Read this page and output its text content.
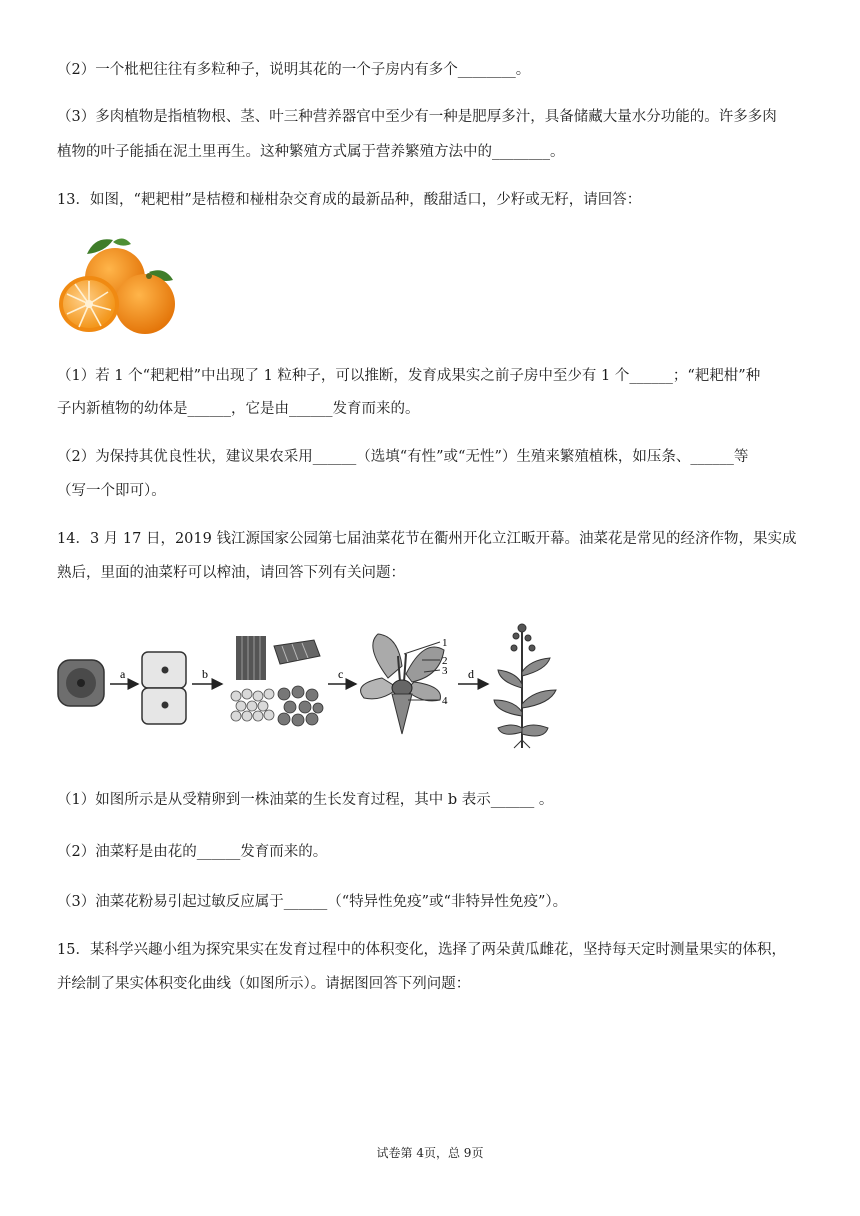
（2）一个枇杷往往有多粒种子，说明其花的一个子房内有多个________。
（3）多肉植物是指植物根、茎、叶三种营养器官中至少有一种是肥厚多汁，具备储藏大量水分功能的。许多多肉
植物的叶子能插在泥土里再生。这种繁殖方式属于营养繁殖方法中的________。
13．如图，“耙耙柑”是桔橙和椪柑杂交育成的最新品种，酸甜适口，少籽或无籽，请回答：
（1）若 1 个“耙耙柑”中出现了 1 粒种子，可以推断，发育成果实之前子房中至少有 1 个______；“耙耙柑”种
子内新植物的幼体是______，它是由______发育而来的。
（2）为保持其优良性状，建议果农采用______（选填“有性”或“无性”）生殖来繁殖植株，如压条、______等
（写一个即可）。
14．3 月 17 日，2019 钱江源国家公园第七届油菜花节在衢州开化立江畈开幕。油菜花是常见的经济作物，果实成
熟后，里面的油菜籽可以榨油，请回答下列有关问题：
a	b	c
1
2
3
4
d
（1）如图所示是从受精卵到一株油菜的生长发育过程，其中 b 表示______ 。
（2）油菜籽是由花的______发育而来的。
（3）油菜花粉易引起过敏反应属于______（“特异性免疫”或“非特异性免疫”）。
15．某科学兴趣小组为探究果实在发育过程中的体积变化，选择了两朵黄瓜雌花，坚持每天定时测量果实的体积，
并绘制了果实体积变化曲线（如图所示）。请据图回答下列问题：
试卷第 4页，总 9页
